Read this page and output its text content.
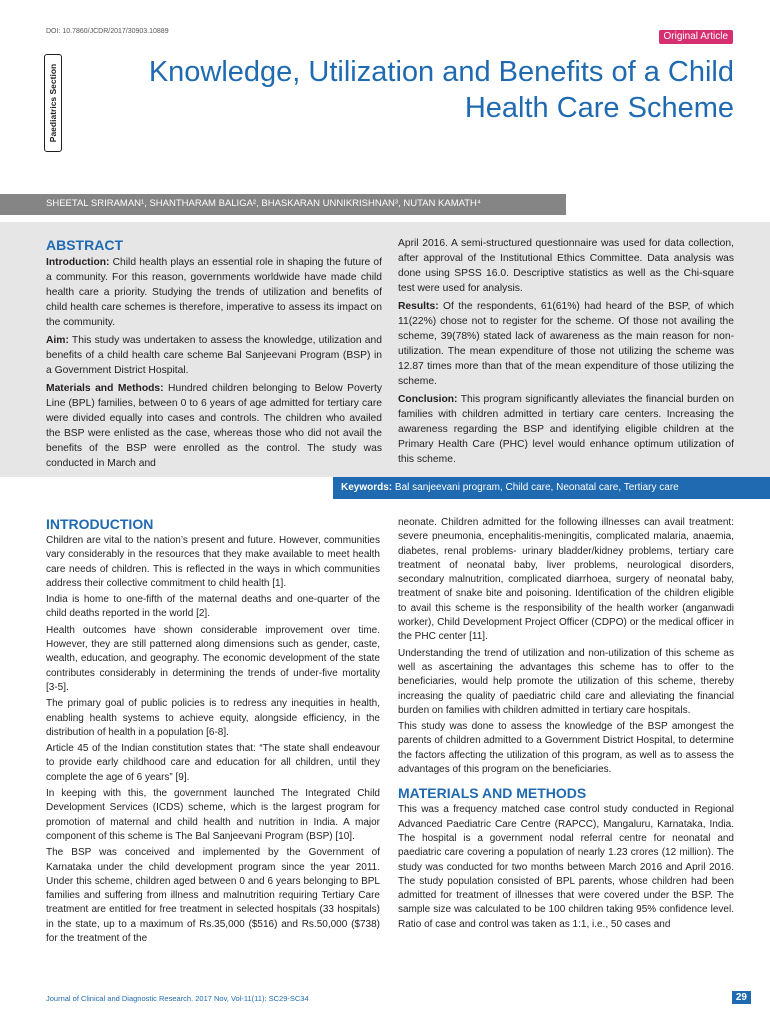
DOI: 10.7860/JCDR/2017/30903.10889	Original Article
Paediatrics Section	Knowledge, Utilization and Benefits of a Child Health Care Scheme
SHEETAL SRIRAMAN¹, SHANTHARAM BALIGA², BHASKARAN UNNIKRISHNAN³, NUTAN KAMATH⁴
ABSTRACT

Introduction: Child health plays an essential role in shaping the future of a community. For this reason, governments worldwide have made child health care a priority. Studying the trends of utilization and benefits of child health care schemes is therefore, imperative to assess its impact on the community.

Aim: This study was undertaken to assess the knowledge, utilization and benefits of a child health care scheme Bal Sanjeevani Program (BSP) in a Government District Hospital.

Materials and Methods: Hundred children belonging to Below Poverty Line (BPL) families, between 0 to 6 years of age admitted for tertiary care were divided equally into cases and controls. The children who availed the BSP were enlisted as the case, whereas those who did not avail the benefits of the BSP were enrolled as the control. The study was conducted in March and

April 2016. A semi-structured questionnaire was used for data collection, after approval of the Institutional Ethics Committee. Data analysis was done using SPSS 16.0. Descriptive statistics as well as the Chi-square test were used for analysis.

Results: Of the respondents, 61(61%) had heard of the BSP, of which 11(22%) chose not to register for the scheme. Of those not availing the scheme, 39(78%) stated lack of awareness as the main reason for non-utilization. The mean expenditure of those not utilizing the scheme was 12.87 times more than that of the mean expenditure of those utilizing the scheme.

Conclusion: This program significantly alleviates the financial burden on families with children admitted in tertiary care centers. Increasing the awareness regarding the BSP and identifying eligible children at the Primary Health Care (PHC) level would enhance optimum utilization of this scheme.

Keywords: Bal sanjeevani program, Child care, Neonatal care, Tertiary care
INTRODUCTION

Children are vital to the nation’s present and future. However, communities vary considerably in the resources that they make available to meet health care needs of children. This is reflected in the ways in which communities address their collective commitment to child health [1].

India is home to one-fifth of the maternal deaths and one-quarter of the child deaths reported in the world [2].

Health outcomes have shown considerable improvement over time. However, they are still patterned along dimensions such as gender, caste, wealth, education, and geography. The economic development of the state contributes considerably in determining the trends of under-five mortality [3-5].

The primary goal of public policies is to redress any inequities in health, enabling health systems to achieve equity, alongside efficiency, in the distribution of health in a population [6-8].

Article 45 of the Indian constitution states that: “The state shall endeavour to provide early childhood care and education for all children, until they complete the age of 6 years” [9].

In keeping with this, the government launched The Integrated Child Development Services (ICDS) scheme, which is the largest program for promotion of maternal and child health and nutrition in India. A major component of this scheme is The Bal Sanjeevani Program (BSP) [10].

The BSP was conceived and implemented by the Government of Karnataka under the child development program since the year 2011. Under this scheme, children aged between 0 and 6 years belonging to BPL families and suffering from illness and malnutrition requiring Tertiary Care treatment are entitled for free treatment in selected hospitals (33 hospitals) in the state, up to a maximum of Rs.35,000 ($516) and Rs.50,000 ($738) for the treatment of the

neonate. Children admitted for the following illnesses can avail treatment: severe pneumonia, encephalitis-meningitis, complicated malaria, anaemia, diabetes, renal problems- urinary bladder/kidney problems, tertiary care treatment of neonatal baby, liver problems, neurological disorders, secondary malnutrition, complicated diarrhoea, surgery of neonatal baby, treatment of snake bite and poisoning. Identification of the children eligible to avail this scheme is the responsibility of the health worker (anganwadi worker), Child Development Project Officer (CDPO) or the medical officer in the PHC center [11].

Understanding the trend of utilization and non-utilization of this scheme as well as ascertaining the advantages this scheme has to offer to the beneficiaries, would help promote the utilization of this scheme, thereby increasing the quality of paediatric child care and alleviating the financial burden on families with children admitted in tertiary care hospitals.

This study was done to assess the knowledge of the BSP amongest the parents of children admitted to a Government District Hospital, to determine the factors affecting the utilization of this program, as well as to assess the advantages of this program on the beneficiaries.

MATERIALS AND METHODS

This was a frequency matched case control study conducted in Regional Advanced Paediatric Care Centre (RAPCC), Mangaluru, Karnataka, India. The hospital is a government nodal referral centre for neonatal and paediatric care covering a population of nearly 1.23 crores (12 million). The study was conducted for two months between March 2016 and April 2016. The study population consisted of BPL parents, whose children had been admitted for treatment of illnesses that were covered under the BSP. The sample size was calculated to be 100 children taking 95% confidence level. Ratio of case and control was taken as 1:1, i.e., 50 cases and

Journal of Clinical and Diagnostic Research. 2017 Nov, Vol-11(11): SC29-SC34	29
